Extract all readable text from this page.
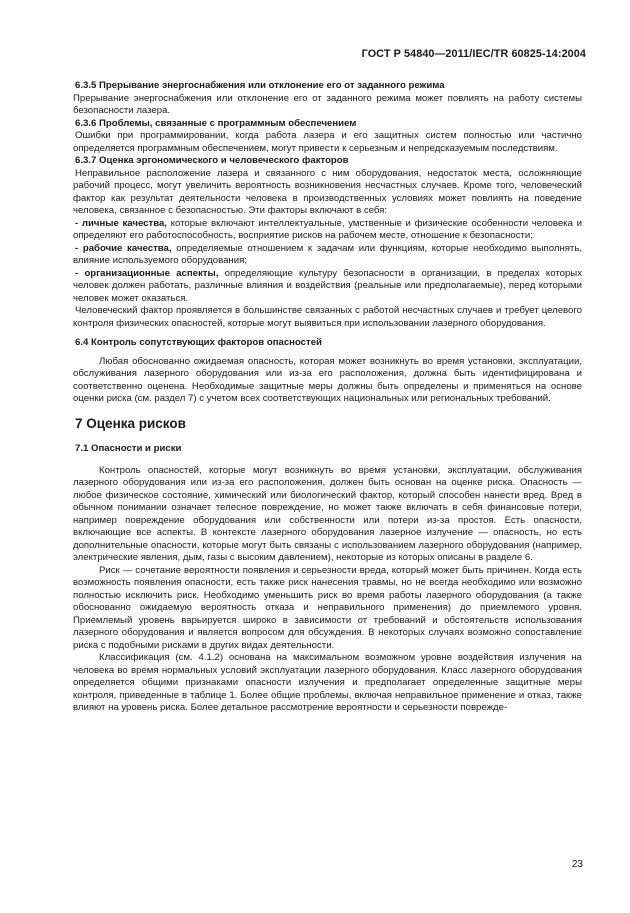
ГОСТ Р 54840—2011/IEC/TR 60825-14:2004

6.3.5 Прерывание энергоснабжения или отклонение его от заданного режима

Прерывание энергоснабжения или отклонение его от заданного режима может повлиять на работу системы безопасности лазера.

6.3.6 Проблемы, связанные с программным обеспечением

Ошибки при программировании, когда работа лазера и его защитных систем полностью или частично определяется программным обеспечением, могут привести к серьезным и непредсказуемым последствиям.

6.3.7 Оценка эргономического и человеческого факторов

Неправильное расположение лазера и связанного с ним оборудования, недостаток места, осложняющие рабочий процесс, могут увеличить вероятность возникновения несчастных случаев. Кроме того, человеческий фактор как результат деятельности человека в производственных условиях может повлиять на поведение человека, связанное с безопасностью. Эти факторы включают в себя:

- личные качества, которые включают интеллектуальные, умственные и физические особенности человека и определяют его работоспособность, восприятие рисков на рабочем месте, отношение к безопасности;

- рабочие качества, определяемые отношением к задачам или функциям, которые необходимо выполнять, влияние используемого оборудования;

- организационные аспекты, определяющие культуру безопасности в организации, в пределах которых человек должен работать, различные влияния и воздействия (реальные или предполагаемые), перед которыми человек может оказаться.

Человеческий фактор проявляется в большинстве связанных с работой несчастных случаев и требует целевого контроля физических опасностей, которые могут выявиться при использовании лазерного оборудования.

6.4 Контроль сопутствующих факторов опасностей

Любая обоснованно ожидаемая опасность, которая может возникнуть во время установки, эксплуатации, обслуживания лазерного оборудования или из-за его расположения, должна быть идентифицирована и соответственно оценена. Необходимые защитные меры должны быть определены и применяться на основе оценки риска (см. раздел 7) с учетом всех соответствующих национальных или региональных требований.

7 Оценка рисков

7.1 Опасности и риски

Контроль опасностей, которые могут возникнуть во время установки, эксплуатации, обслуживания лазерного оборудования или из-за его расположения, должен быть основан на оценке риска. Опасность — любое физическое состояние, химический или биологический фактор, который способен нанести вред. Вред в обычном понимании означает телесное повреждение, но может также включать в себя финансовые потери, например повреждение оборудования или собственности или потери из-за простоя. Есть опасности, включающие все аспекты. В контексте лазерного оборудования лазерное излучение — опасность, но есть дополнительные опасности, которые могут быть связаны с использованием лазерного оборудования (например, электрические явления, дым, газы с высоким давлением), некоторые из которых описаны в разделе 6.

Риск — сочетание вероятности появления и серьезности вреда, который может быть причинен. Когда есть возможность появления опасности, есть также риск нанесения травмы, но не всегда необходимо или возможно полностью исключить риск. Необходимо уменьшить риск во время работы лазерного оборудования (а также обоснованно ожидаемую вероятность отказа и неправильного применения) до приемлемого уровня. Приемлемый уровень варьируется широко в зависимости от требований и обстоятельств использования лазерного оборудования и является вопросом для обсуждения. В некоторых случаях возможно сопоставление риска с подобными рисками в других видах деятельности.

Классификация (см. 4.1.2) основана на максимальном возможном уровне воздействия излучения на человека во время нормальных условий эксплуатации лазерного оборудования. Класс лазерного оборудования определяется общими признаками опасности излучения и предполагает определенные защитные меры контроля, приведенные в таблице 1. Более общие проблемы, включая неправильное применение и отказ, также влияют на уровень риска. Более детальное рассмотрение вероятности и серьезности поврежде-

23
